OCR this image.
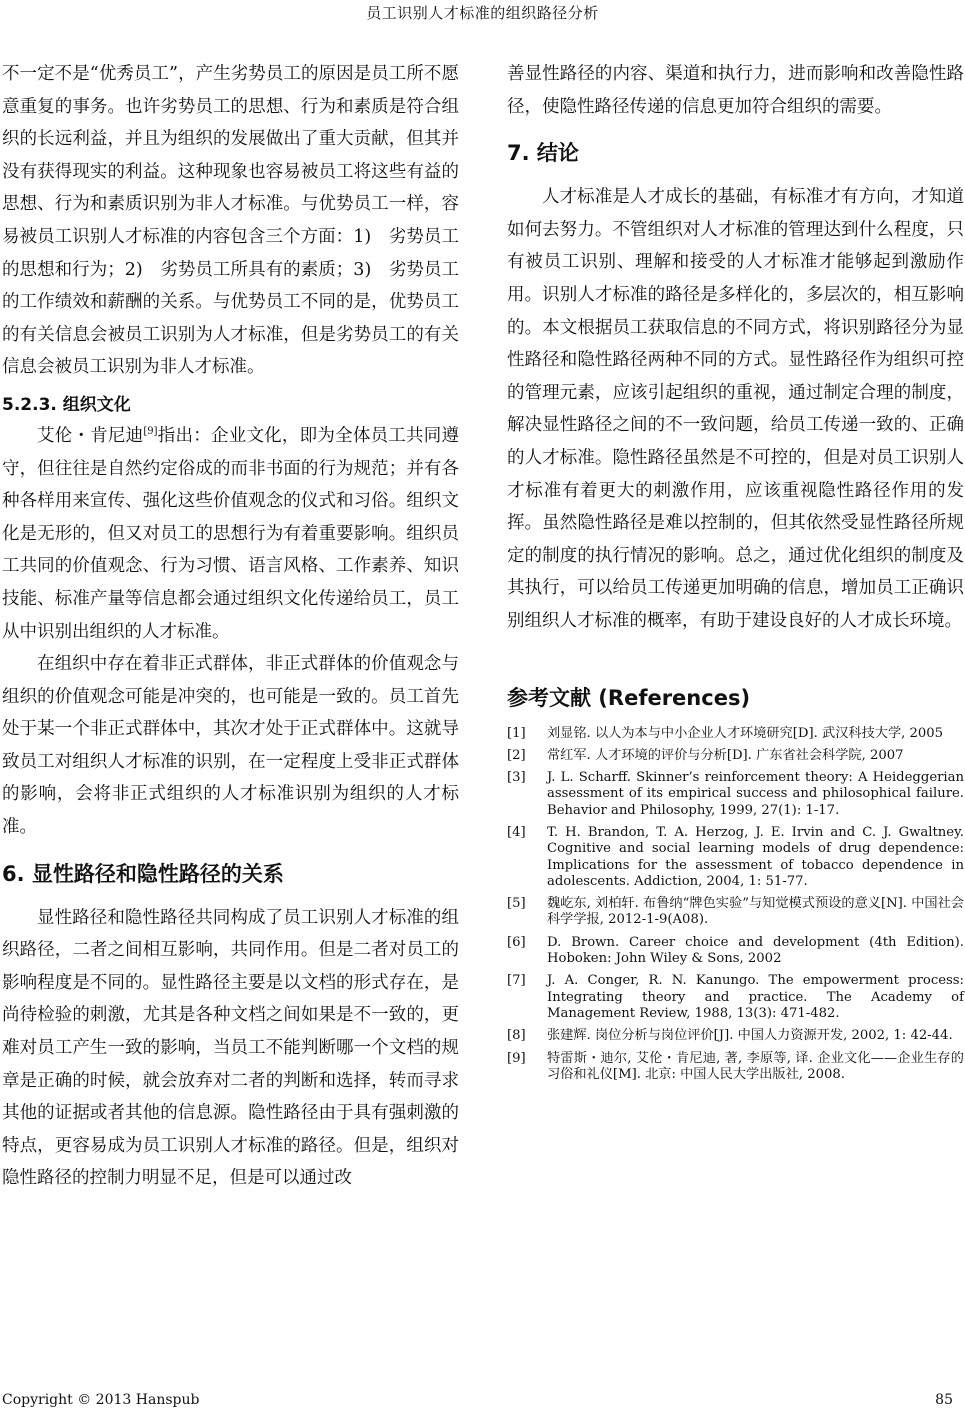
员工识别人才标准的组织路径分析

不一定不是“优秀员工”，产生劣势员工的原因是员工所不愿意重复的事务。也许劣势员工的思想、行为和素质是符合组织的长远利益，并且为组织的发展做出了重大贡献，但其并没有获得现实的利益。这种现象也容易被员工将这些有益的思想、行为和素质识别为非人才标准。与优势员工一样，容易被员工识别人才标准的内容包含三个方面：1)　劣势员工的思想和行为；2)　劣势员工所具有的素质；3)　劣势员工的工作绩效和薪酬的关系。与优势员工不同的是，优势员工的有关信息会被员工识别为人才标准，但是劣势员工的有关信息会被员工识别为非人才标准。

5.2.3. 组织文化

艾伦・肯尼迪[9]指出：企业文化，即为全体员工共同遵守，但往往是自然约定俗成的而非书面的行为规范；并有各种各样用来宣传、强化这些价值观念的仪式和习俗。组织文化是无形的，但又对员工的思想行为有着重要影响。组织员工共同的价值观念、行为习惯、语言风格、工作素养、知识技能、标准产量等信息都会通过组织文化传递给员工，员工从中识别出组织的人才标准。

在组织中存在着非正式群体，非正式群体的价值观念与组织的价值观念可能是冲突的，也可能是一致的。员工首先处于某一个非正式群体中，其次才处于正式群体中。这就导致员工对组织人才标准的识别，在一定程度上受非正式群体的影响，会将非正式组织的人才标准识别为组织的人才标准。

6. 显性路径和隐性路径的关系

显性路径和隐性路径共同构成了员工识别人才标准的组织路径，二者之间相互影响，共同作用。但是二者对员工的影响程度是不同的。显性路径主要是以文档的形式存在，是尚待检验的刺激，尤其是各种文档之间如果是不一致的，更难对员工产生一致的影响，当员工不能判断哪一个文档的规章是正确的时候，就会放弃对二者的判断和选择，转而寻求其他的证据或者其他的信息源。隐性路径由于具有强刺激的特点，更容易成为员工识别人才标准的路径。但是，组织对隐性路径的控制力明显不足，但是可以通过改

善显性路径的内容、渠道和执行力，进而影响和改善隐性路径，使隐性路径传递的信息更加符合组织的需要。

7. 结论

人才标准是人才成长的基础，有标准才有方向，才知道如何去努力。不管组织对人才标准的管理达到什么程度，只有被员工识别、理解和接受的人才标准才能够起到激励作用。识别人才标准的路径是多样化的，多层次的，相互影响的。本文根据员工获取信息的不同方式，将识别路径分为显性路径和隐性路径两种不同的方式。显性路径作为组织可控的管理元素，应该引起组织的重视，通过制定合理的制度，解决显性路径之间的不一致问题，给员工传递一致的、正确的人才标准。隐性路径虽然是不可控的，但是对员工识别人才标准有着更大的刺激作用，应该重视隐性路径作用的发挥。虽然隐性路径是难以控制的，但其依然受显性路径所规定的制度的执行情况的影响。总之，通过优化组织的制度及其执行，可以给员工传递更加明确的信息，增加员工正确识别组织人才标准的概率，有助于建设良好的人才成长环境。

参考文献 (References)
[1] 刘显铭. 以人为本与中小企业人才环境研究[D]. 武汉科技大学, 2005
[2] 常红军. 人才环境的评价与分析[D]. 广东省社会科学院, 2007
[3] J. L. Scharff. Skinner’s reinforcement theory: A Heideggerian assessment of its empirical success and philosophical failure. Behavior and Philosophy, 1999, 27(1): 1-17.
[4] T. H. Brandon, T. A. Herzog, J. E. Irvin and C. J. Gwaltney. Cognitive and social learning models of drug dependence: Implications for the assessment of tobacco dependence in adolescents. Addiction, 2004, 1: 51-77.
[5] 魏屹东, 刘柏轩. 布鲁纳“牌色实验”与知觉模式预设的意义[N]. 中国社会科学学报, 2012-1-9(A08).
[6] D. Brown. Career choice and development (4th Edition). Hoboken: John Wiley & Sons, 2002
[7] J. A. Conger, R. N. Kanungo. The empowerment process: Integrating theory and practice. The Academy of Management Review, 1988, 13(3): 471-482.
[8] 张建辉. 岗位分析与岗位评价[J]. 中国人力资源开发, 2002, 1: 42-44.
[9] 特雷斯・迪尔, 艾伦・肯尼迪, 著, 李原等, 译. 企业文化——企业生存的习俗和礼仪[M]. 北京: 中国人民大学出版社, 2008.
Copyright © 2013 Hanspub	85
